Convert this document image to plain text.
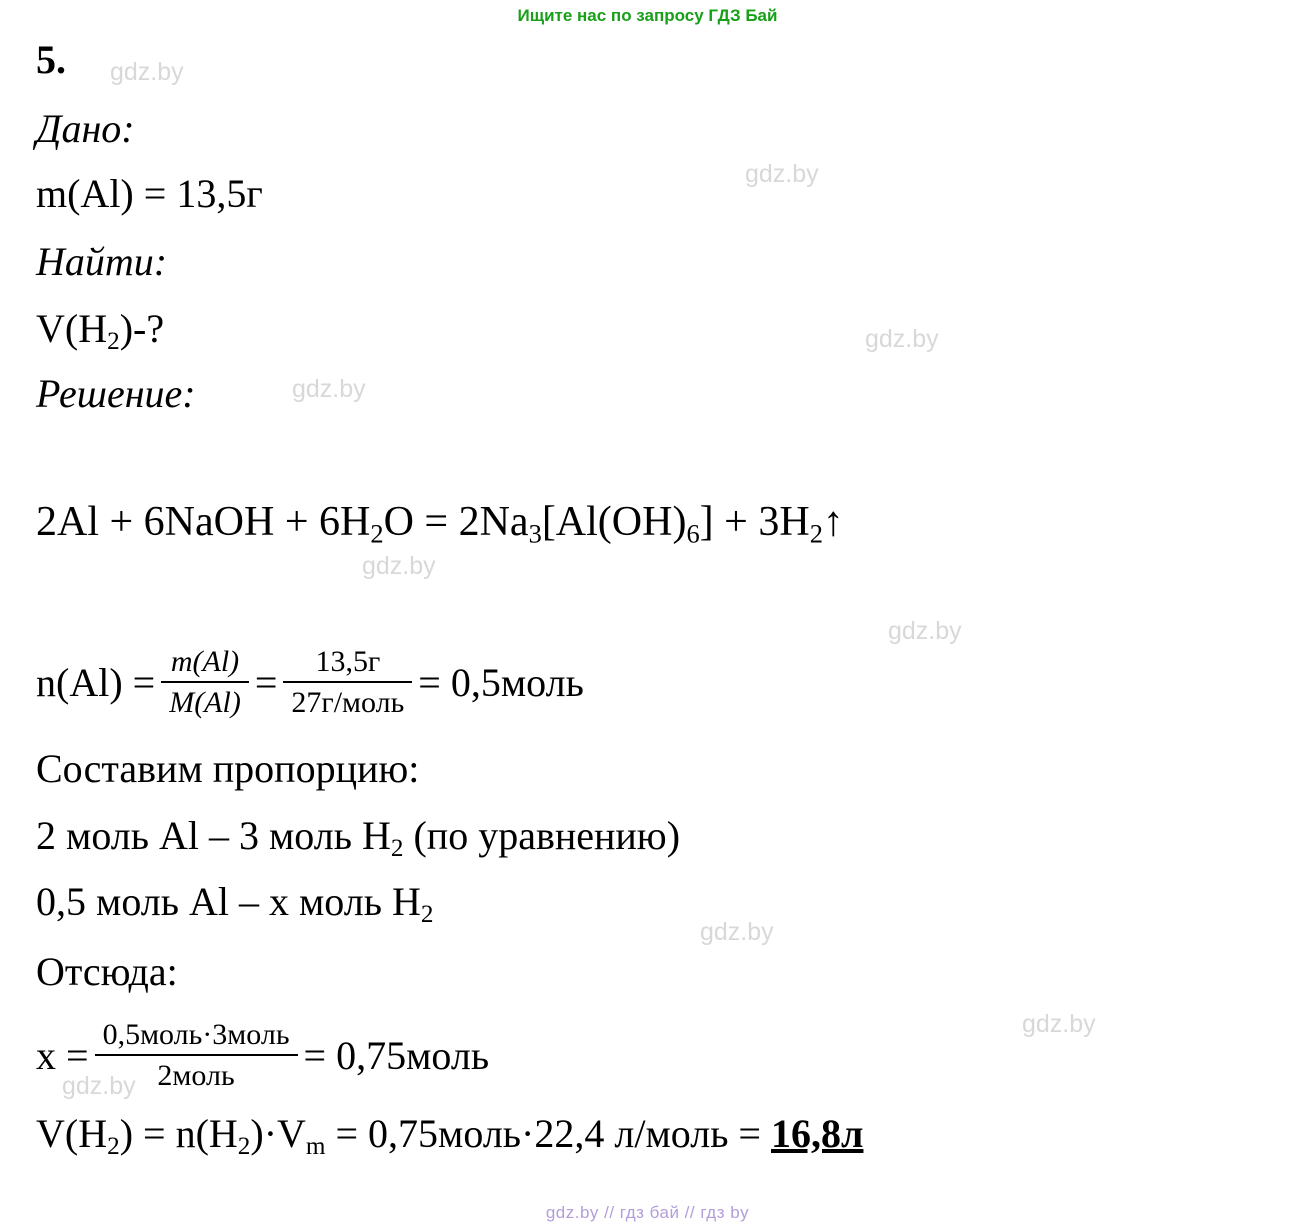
Ищите нас по запросу ГДЗ Бай
gdz.by
gdz.by
gdz.by
gdz.by
gdz.by
gdz.by
gdz.by
gdz.by
gdz.by
5.
Дано:
m(Al) = 13,5г
Найти:
$V(H_2)-$?
Решение:
2Al + 6NaOH + $6H_2O = 2Na_3[Al(OH)_6]$ + $3H_2↑$
$n(Al) = \frac{m(Al)}{M(Al)} = \frac{13,5г}{\text{27г/моль}}$ = 0,5моль
Составим пропорцию:
2 моль Al – 3 моль $H_2$ (по уравнению)
0,5 моль Al – x моль $H_2$
Отсюда:
$x = \frac{\text{0,5моль·3моль}}{\text{2моль}}$ = 0,75моль
$V(H_2) = n(H_2)\cdot V_m$ = 0,75моль·22,4 л/моль = 16,8л
gdz.by // гдз бай // гдз by
